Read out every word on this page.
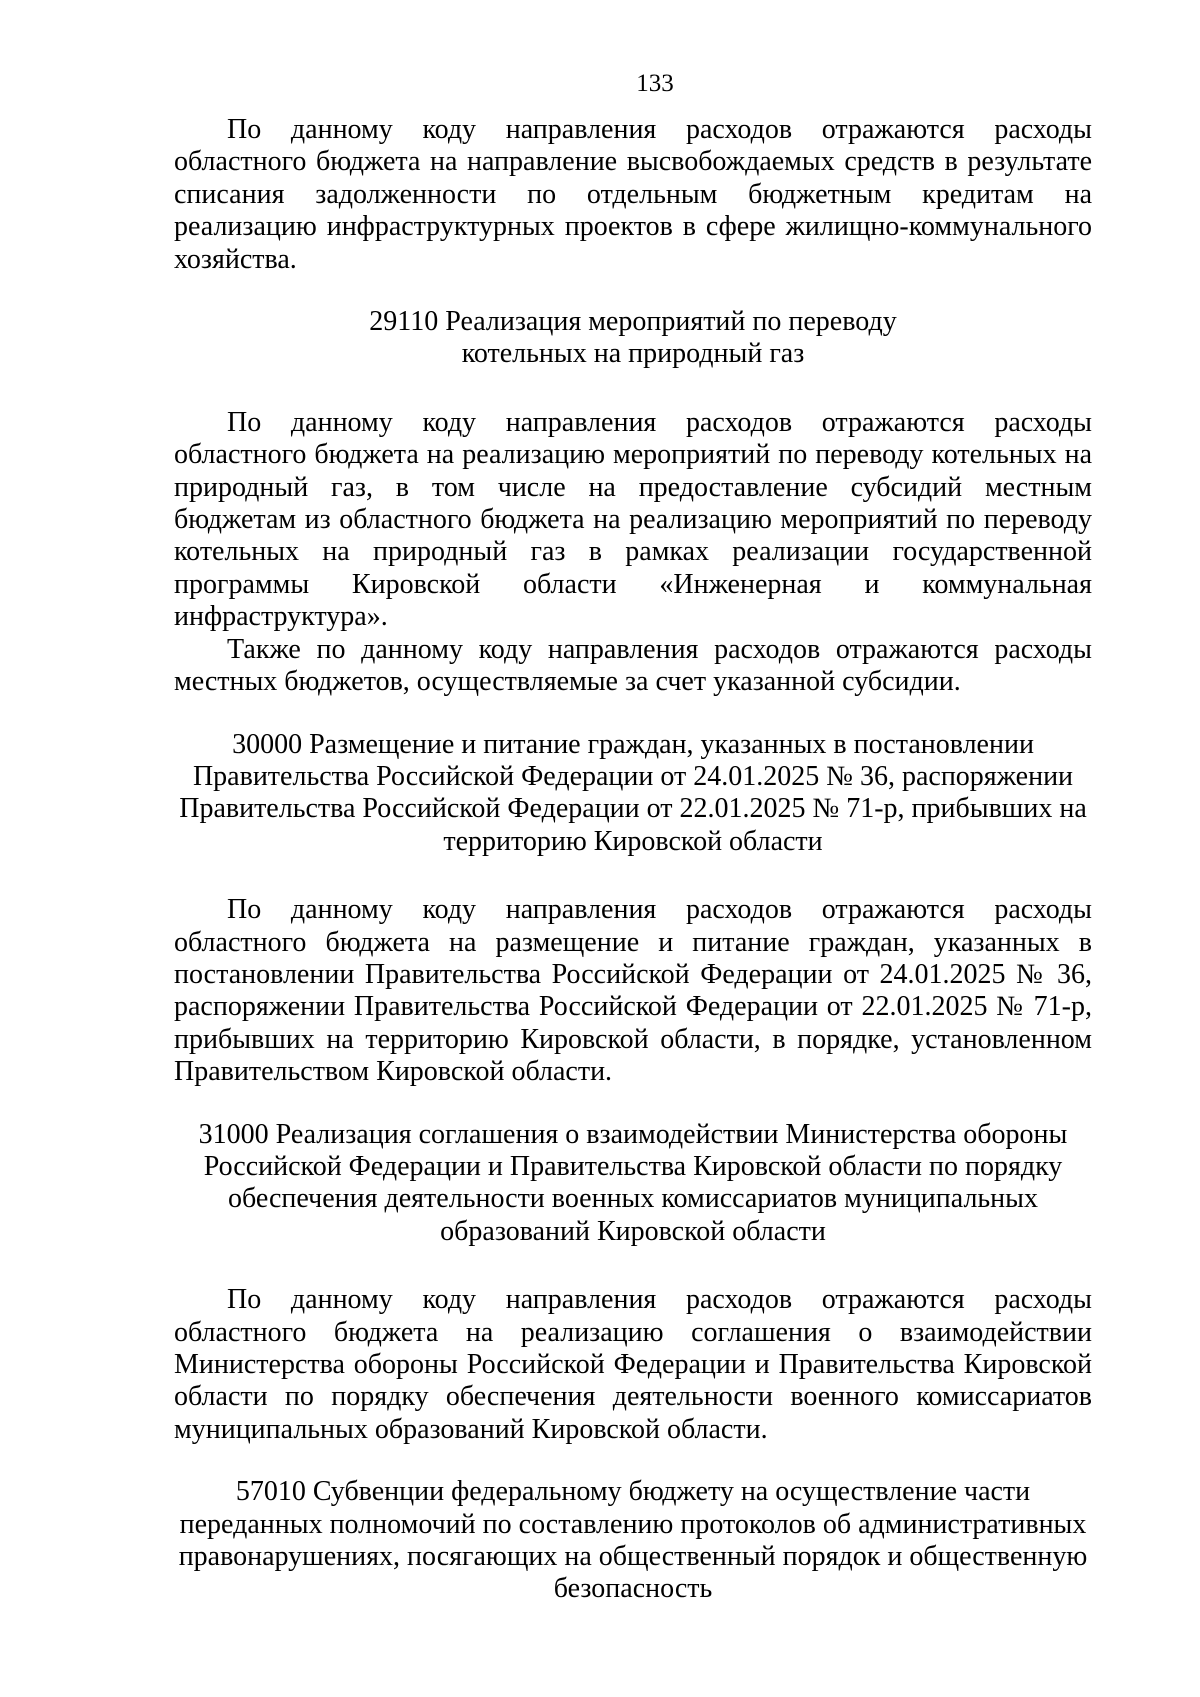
133

По данному коду направления расходов отражаются расходы областного бюджета на направление высвобождаемых средств в результате списания задолженности по отдельным бюджетным кредитам на реализацию инфраструктурных проектов в сфере жилищно-коммунального хозяйства.

29110 Реализация мероприятий по переводу
котельных на природный газ

По данному коду направления расходов отражаются расходы областного бюджета на реализацию мероприятий по переводу котельных на природный газ, в том числе на предоставление субсидий местным бюджетам из областного бюджета на реализацию мероприятий по переводу котельных на природный газ в рамках реализации государственной программы Кировской области «Инженерная и коммунальная инфраструктура».

Также по данному коду направления расходов отражаются расходы местных бюджетов, осуществляемые за счет указанной субсидии.

30000 Размещение и питание граждан, указанных в постановлении
Правительства Российской Федерации от 24.01.2025 № 36, распоряжении
Правительства Российской Федерации от 22.01.2025 № 71-р, прибывших на
территорию Кировской области

По данному коду направления расходов отражаются расходы областного бюджета на размещение и питание граждан, указанных в постановлении Правительства Российской Федерации от 24.01.2025 № 36, распоряжении Правительства Российской Федерации от 22.01.2025 № 71-р, прибывших на территорию Кировской области, в порядке, установленном Правительством Кировской области.

31000 Реализация соглашения о взаимодействии Министерства обороны
Российской Федерации и Правительства Кировской области по порядку
обеспечения деятельности военных комиссариатов муниципальных
образований Кировской области

По данному коду направления расходов отражаются расходы областного бюджета на реализацию соглашения о взаимодействии Министерства обороны Российской Федерации и Правительства Кировской области по порядку обеспечения деятельности военного комиссариатов муниципальных образований Кировской области.

57010 Субвенции федеральному бюджету на осуществление части
переданных полномочий по составлению протоколов об административных
правонарушениях, посягающих на общественный порядок и общественную
безопасность
